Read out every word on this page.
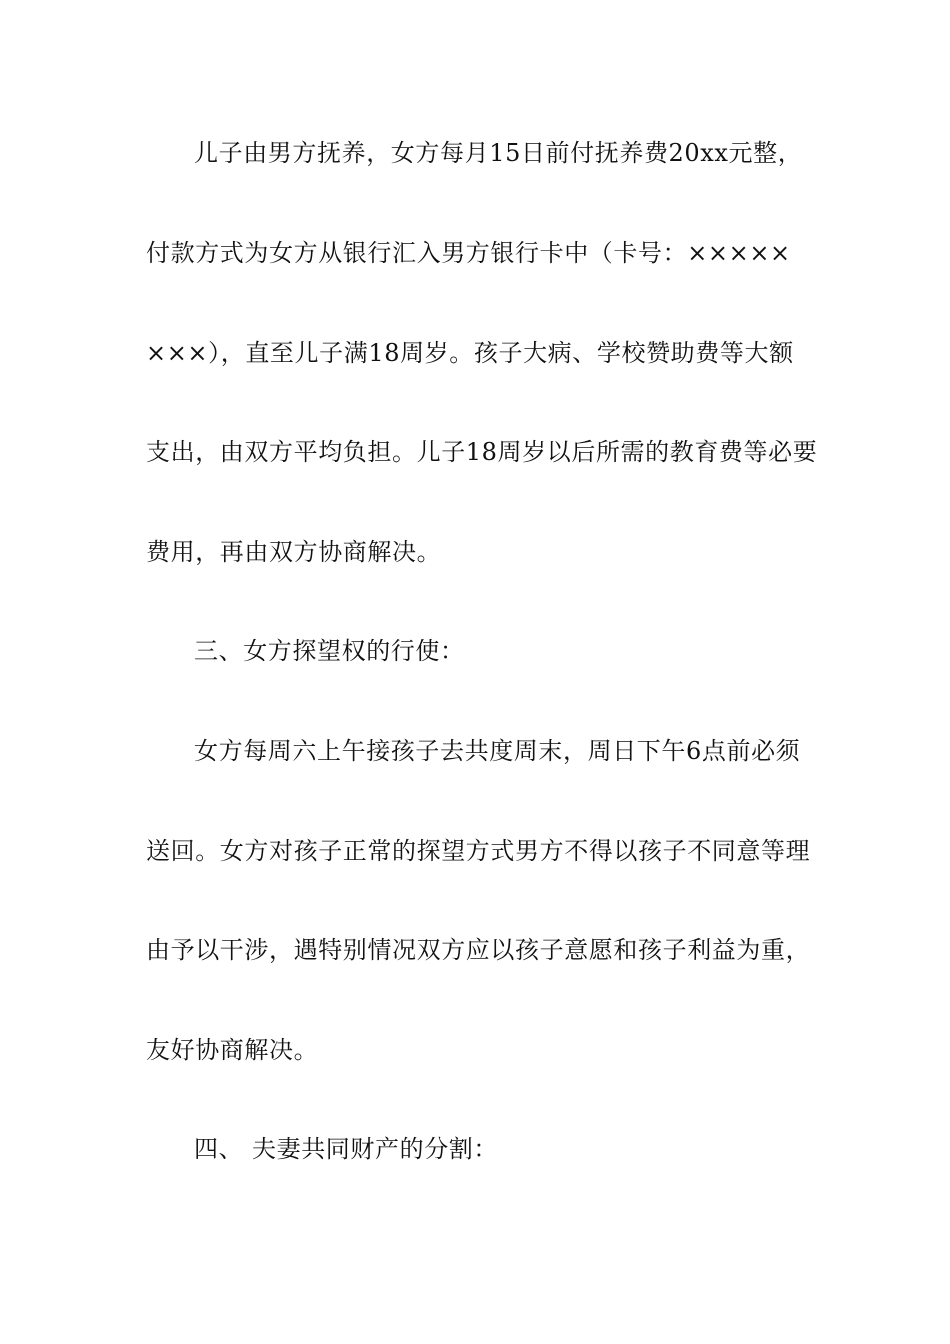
儿子由男方抚养，女方每月15日前付抚养费20xx元整，
付款方式为女方从银行汇入男方银行卡中（卡号：×××××
×××），直至儿子满18周岁。孩子大病、学校赞助费等大额
支出，由双方平均负担。儿子18周岁以后所需的教育费等必要
费用，再由双方协商解决。
三、女方探望权的行使：
女方每周六上午接孩子去共度周末，周日下午6点前必须
送回。女方对孩子正常的探望方式男方不得以孩子不同意等理
由予以干涉，遇特别情况双方应以孩子意愿和孩子利益为重，
友好协商解决。
四、 夫妻共同财产的分割：
